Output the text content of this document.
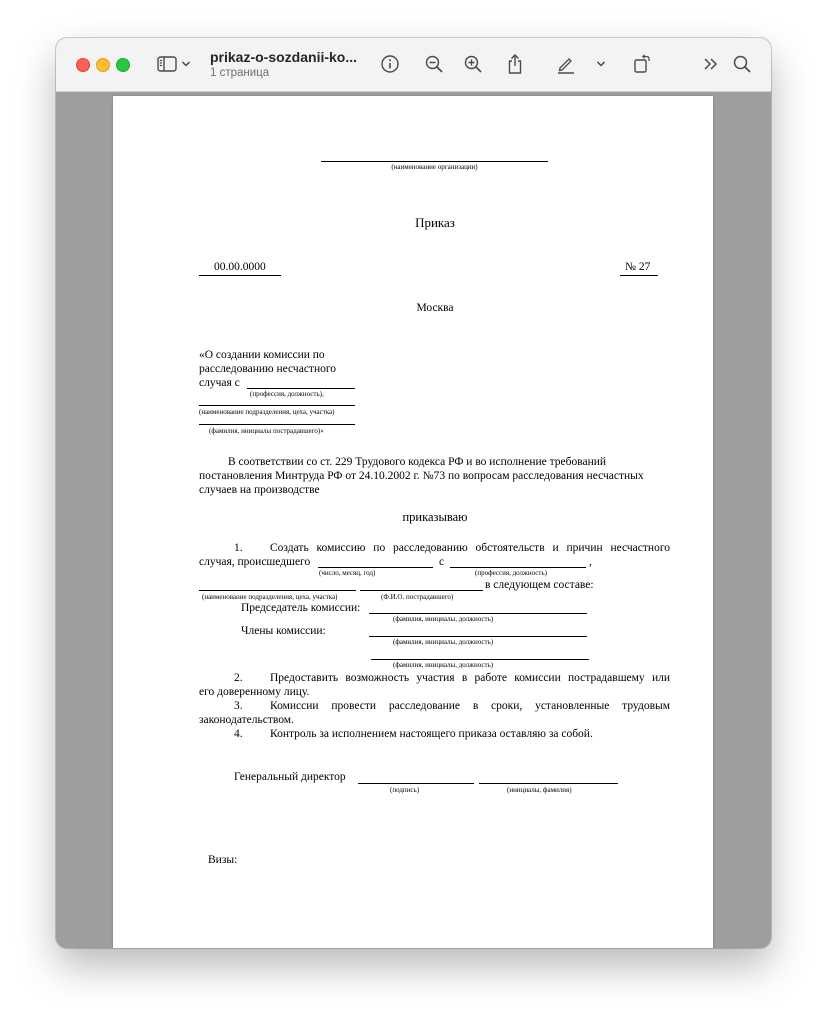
prikaz-o-sozdanii-ko...
1 страница
(наименование организации)
Приказ
00.00.0000	№ 27
Москва
«О создании комиссии по
расследованию несчастного
случая с
(профессия, должность),
(наименование подразделения, цеха, участка)
(фамилия, инициалы пострадавшего)»
В соответствии со ст. 229 Трудового кодекса РФ и во исполнение требований
постановления Минтруда РФ от 24.10.2002 г. №73 по вопросам расследования несчастных
случаев на производстве
приказываю
1. Создать комиссию по расследованию обстоятельств и причин несчастного
случая, происшедшего	с	,
(число, месяц, год)	(профессия, должность)
в следующем составе:
(наименование подразделения, цеха, участка)	(Ф.И.О. пострадавшего)
Председатель комиссии:
(фамилия, инициалы, должность)
Члены комиссии:
(фамилия, инициалы, должность)
(фамилия, инициалы, должность)
2. Предоставить возможность участия в работе комиссии пострадавшему или
его доверенному лицу.
3. Комиссии провести расследование в сроки, установленные трудовым
законодательством.
4. Контроль за исполнением настоящего приказа оставляю за собой.
Генеральный директор
(подпись)	(инициалы, фамилия)
Визы:
